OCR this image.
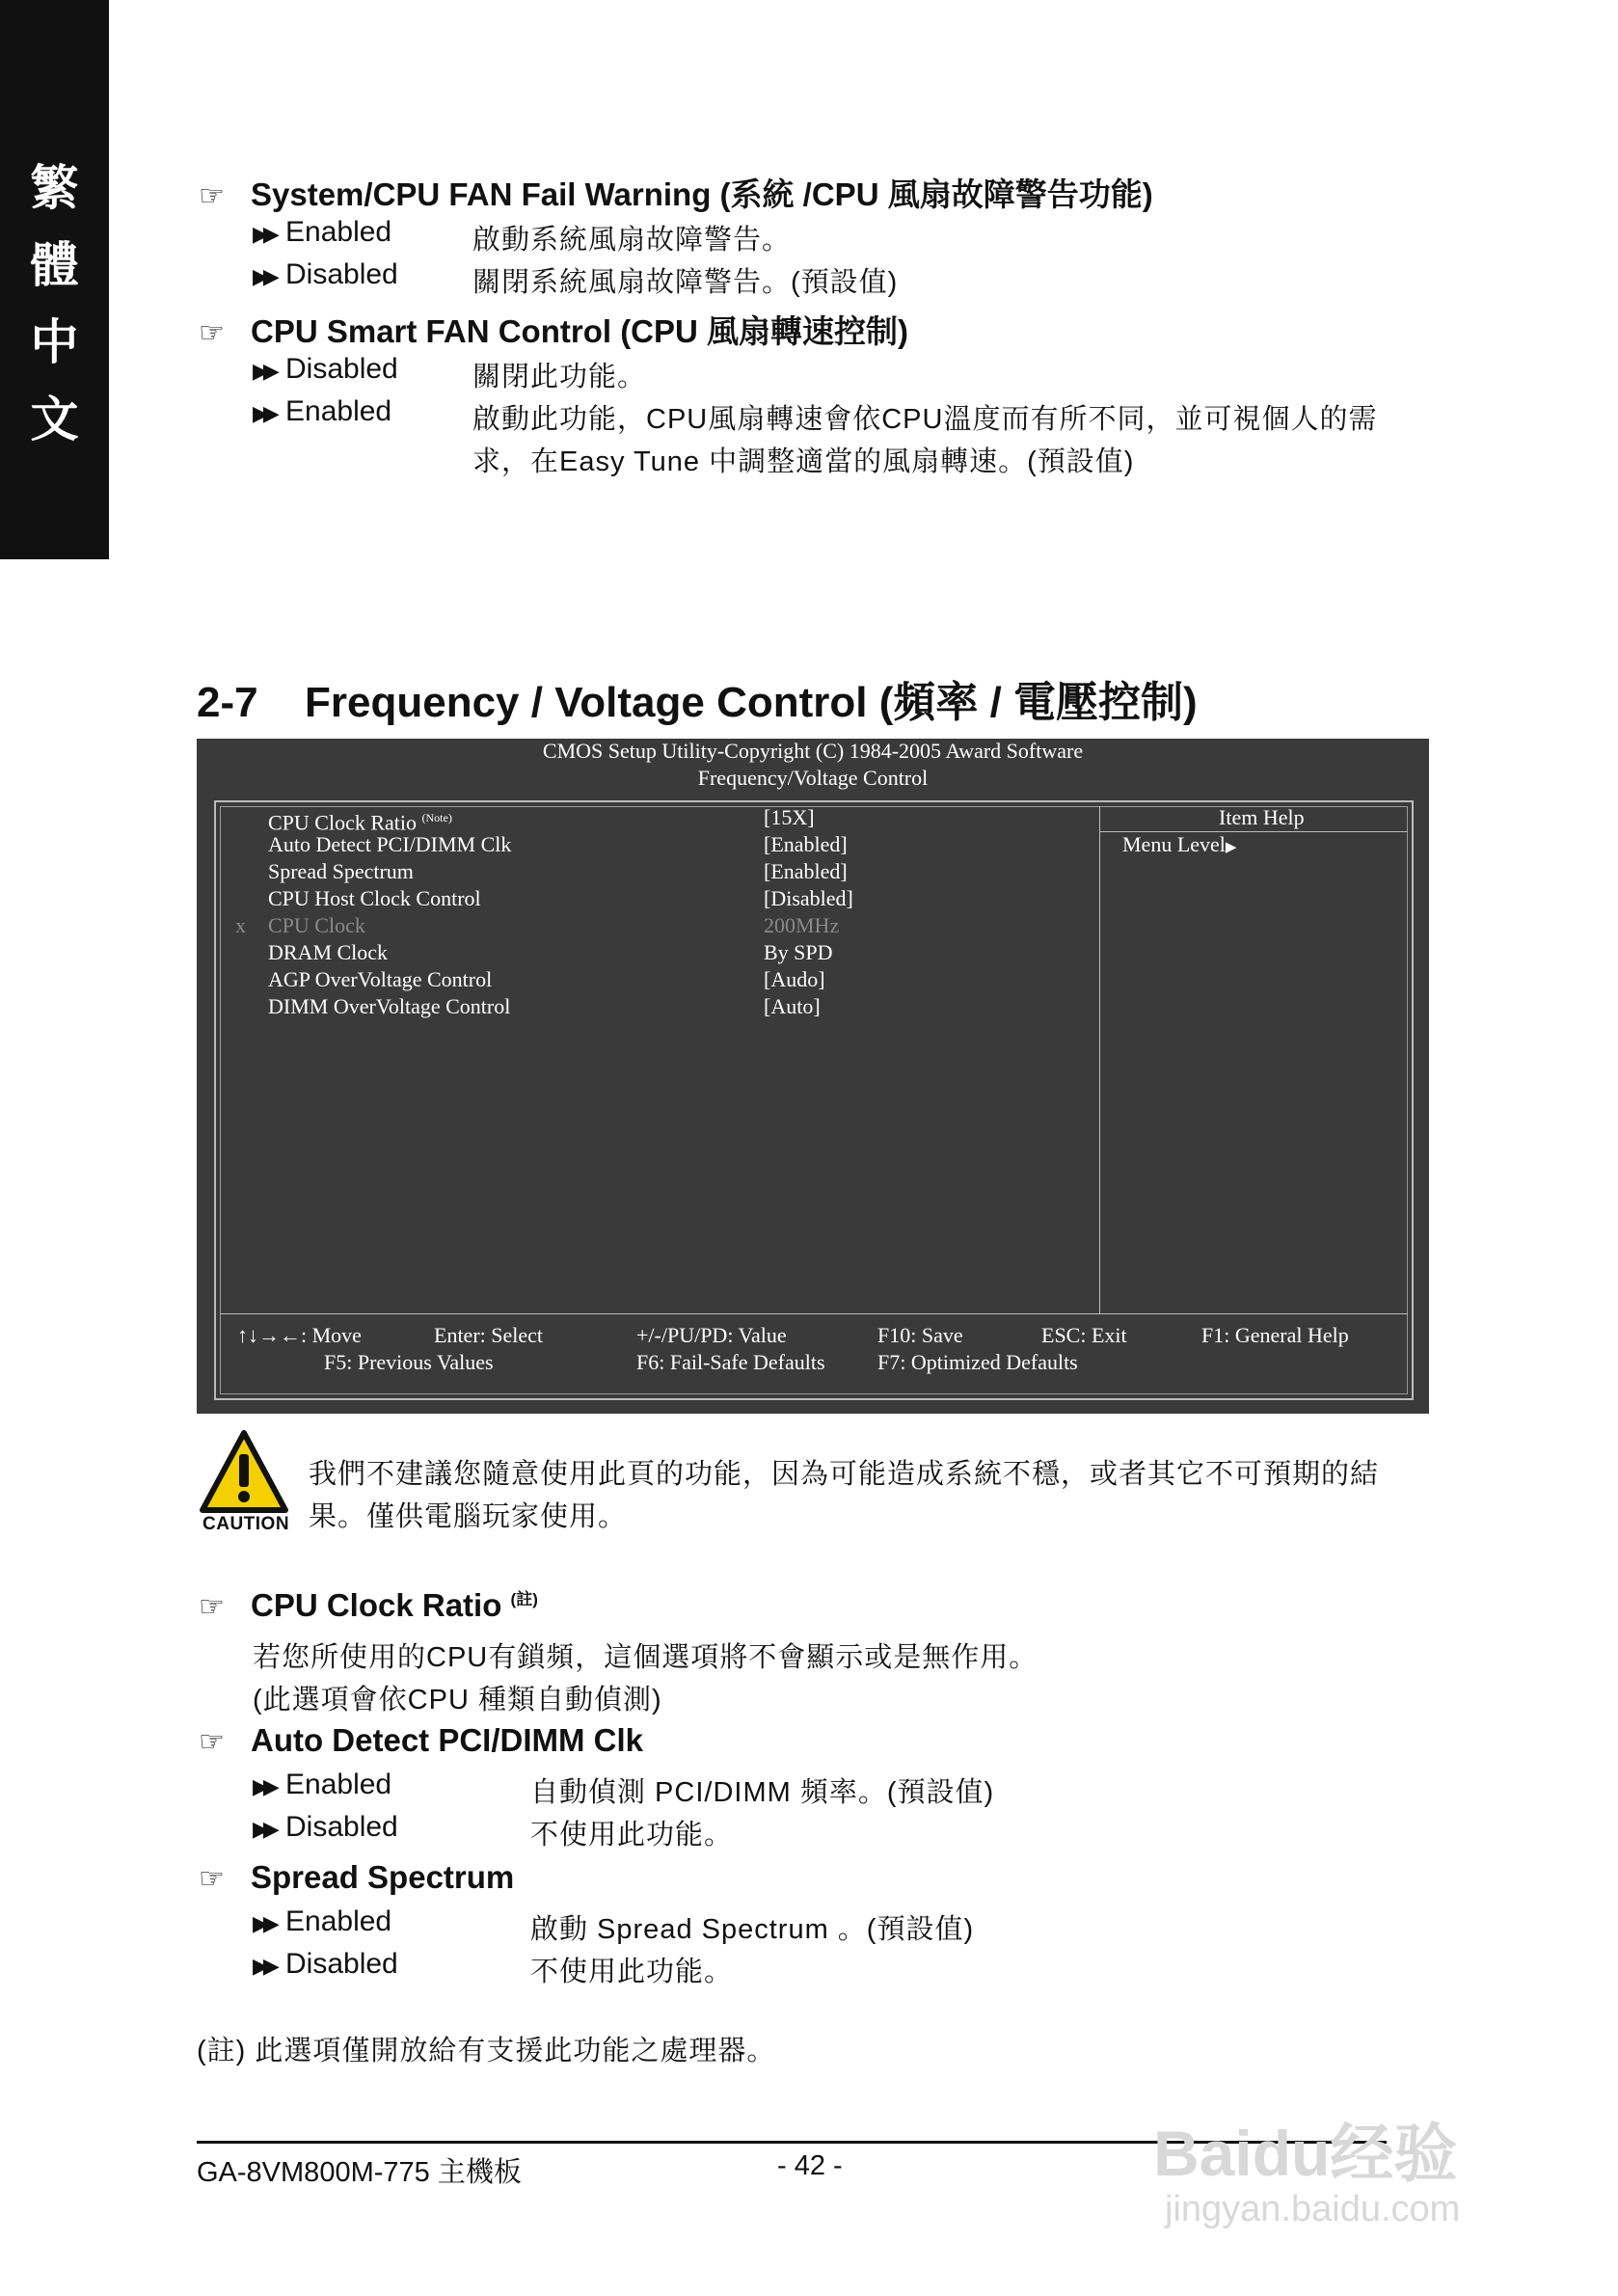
繁
體
中
文
☞ System/CPU FAN Fail Warning (系統 /CPU 風扇故障警告功能)
▶▶ Enabled	啟動系統風扇故障警告。
▶▶ Disabled	關閉系統風扇故障警告。(預設值)
☞ CPU Smart FAN Control (CPU 風扇轉速控制)
▶▶ Disabled	關閉此功能。
▶▶ Enabled	啟動此功能，CPU風扇轉速會依CPU溫度而有所不同，並可視個人的需
求，在Easy Tune 中調整適當的風扇轉速。(預設值)
2-7 Frequency / Voltage Control (頻率 / 電壓控制)
CMOS Setup Utility-Copyright (C) 1984-2005 Award Software
Frequency/Voltage Control
Item Help
Menu Level▶
CPU Clock Ratio $^{(Note)}$	[15X]
Auto Detect PCI/DIMM Clk	[Enabled]
Spread Spectrum	[Enabled]
CPU Host Clock Control	[Disabled]
x CPU Clock	200MHz
DRAM Clock	By SPD
AGP OverVoltage Control	[Audo]
DIMM OverVoltage Control	[Auto]
↑↓→←: Move	Enter: Select	+/-/PU/PD: Value	F10: Save	ESC: Exit	F1: General Help
F5: Previous Values	F6: Fail-Safe Defaults F7: Optimized Defaults
CAUTION
我們不建議您隨意使用此頁的功能，因為可能造成系統不穩，或者其它不可預期的結
果。僅供電腦玩家使用。
☞ CPU Clock Ratio $^{(註)}$
若您所使用的CPU有鎖頻，這個選項將不會顯示或是無作用。
(此選項會依CPU 種類自動偵測)
☞ Auto Detect PCI/DIMM Clk
▶▶ Enabled	自動偵測 PCI/DIMM 頻率。(預設值)
▶▶ Disabled	不使用此功能。
☞ Spread Spectrum
▶▶ Enabled	啟動 Spread Spectrum 。(預設值)
▶▶ Disabled	不使用此功能。
(註) 此選項僅開放給有支援此功能之處理器。
GA-8VM800M-775 主機板	- 42 -	Baidu经验
jingyan.baidu.com
